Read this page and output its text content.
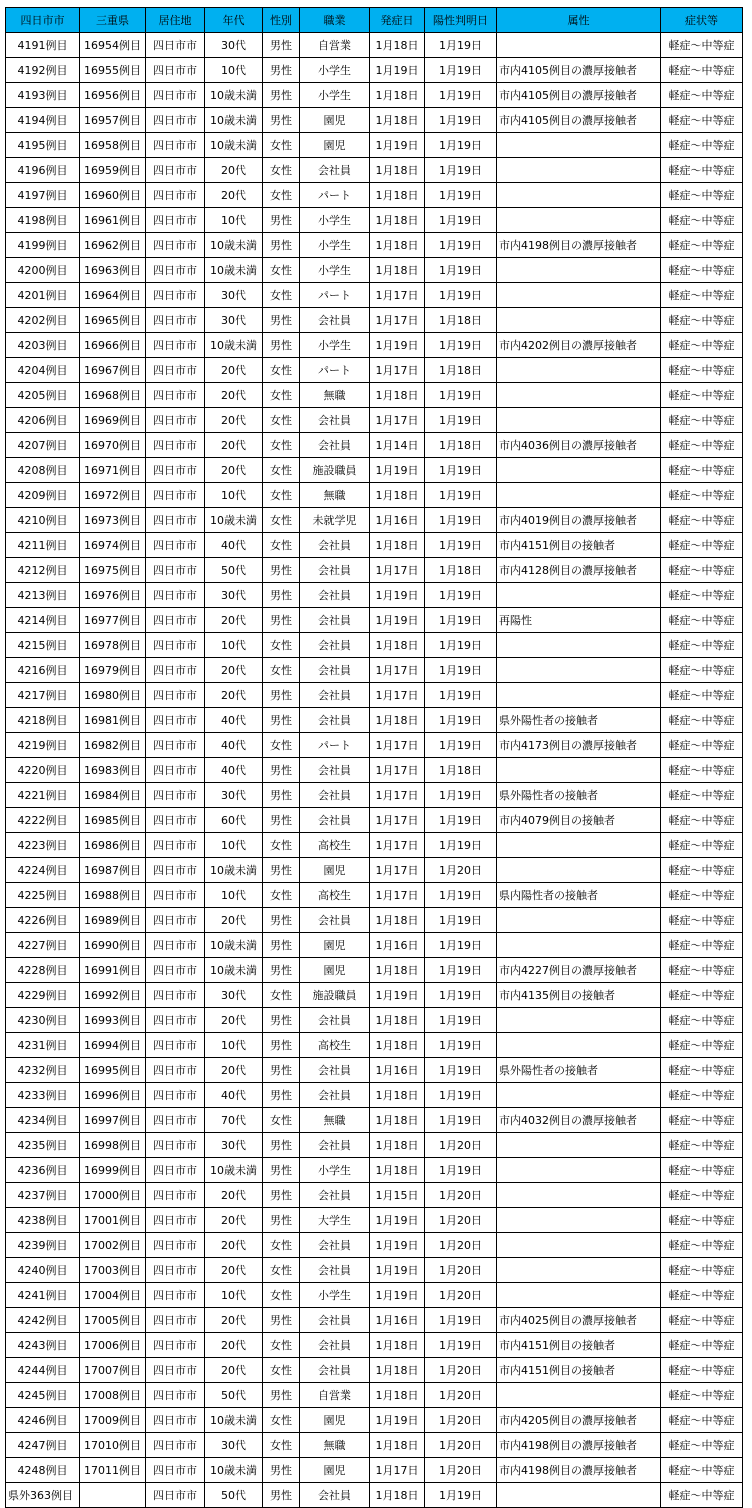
四日市市	三重県	居住地	年代	性別	職業	発症日	陽性判明日	属性	症状等
4191例目	16954例目	四日市市	30代	男性	自営業	1月18日	1月19日		軽症～中等症
4192例目	16955例目	四日市市	10代	男性	小学生	1月19日	1月19日	市内4105例目の濃厚接触者	軽症～中等症
4193例目	16956例目	四日市市	10歳未満	男性	小学生	1月18日	1月19日	市内4105例目の濃厚接触者	軽症～中等症
4194例目	16957例目	四日市市	10歳未満	男性	園児	1月18日	1月19日	市内4105例目の濃厚接触者	軽症～中等症
4195例目	16958例目	四日市市	10歳未満	女性	園児	1月19日	1月19日		軽症～中等症
4196例目	16959例目	四日市市	20代	女性	会社員	1月18日	1月19日		軽症～中等症
4197例目	16960例目	四日市市	20代	女性	パート	1月18日	1月19日		軽症～中等症
4198例目	16961例目	四日市市	10代	男性	小学生	1月18日	1月19日		軽症～中等症
4199例目	16962例目	四日市市	10歳未満	男性	小学生	1月18日	1月19日	市内4198例目の濃厚接触者	軽症～中等症
4200例目	16963例目	四日市市	10歳未満	女性	小学生	1月18日	1月19日		軽症～中等症
4201例目	16964例目	四日市市	30代	女性	パート	1月17日	1月19日		軽症～中等症
4202例目	16965例目	四日市市	30代	男性	会社員	1月17日	1月18日		軽症～中等症
4203例目	16966例目	四日市市	10歳未満	男性	小学生	1月19日	1月19日	市内4202例目の濃厚接触者	軽症～中等症
4204例目	16967例目	四日市市	20代	女性	パート	1月17日	1月18日		軽症～中等症
4205例目	16968例目	四日市市	20代	女性	無職	1月18日	1月19日		軽症～中等症
4206例目	16969例目	四日市市	20代	女性	会社員	1月17日	1月19日		軽症～中等症
4207例目	16970例目	四日市市	20代	女性	会社員	1月14日	1月18日	市内4036例目の濃厚接触者	軽症～中等症
4208例目	16971例目	四日市市	20代	女性	施設職員	1月19日	1月19日		軽症～中等症
4209例目	16972例目	四日市市	10代	女性	無職	1月18日	1月19日		軽症～中等症
4210例目	16973例目	四日市市	10歳未満	女性	未就学児	1月16日	1月19日	市内4019例目の濃厚接触者	軽症～中等症
4211例目	16974例目	四日市市	40代	女性	会社員	1月18日	1月19日	市内4151例目の接触者	軽症～中等症
4212例目	16975例目	四日市市	50代	男性	会社員	1月17日	1月18日	市内4128例目の濃厚接触者	軽症～中等症
4213例目	16976例目	四日市市	30代	男性	会社員	1月19日	1月19日		軽症～中等症
4214例目	16977例目	四日市市	20代	男性	会社員	1月19日	1月19日	再陽性	軽症～中等症
4215例目	16978例目	四日市市	10代	女性	会社員	1月18日	1月19日		軽症～中等症
4216例目	16979例目	四日市市	20代	女性	会社員	1月17日	1月19日		軽症～中等症
4217例目	16980例目	四日市市	20代	男性	会社員	1月17日	1月19日		軽症～中等症
4218例目	16981例目	四日市市	40代	男性	会社員	1月18日	1月19日	県外陽性者の接触者	軽症～中等症
4219例目	16982例目	四日市市	40代	女性	パート	1月17日	1月19日	市内4173例目の濃厚接触者	軽症～中等症
4220例目	16983例目	四日市市	40代	男性	会社員	1月17日	1月18日		軽症～中等症
4221例目	16984例目	四日市市	30代	男性	会社員	1月17日	1月19日	県外陽性者の接触者	軽症～中等症
4222例目	16985例目	四日市市	60代	男性	会社員	1月17日	1月19日	市内4079例目の接触者	軽症～中等症
4223例目	16986例目	四日市市	10代	女性	高校生	1月17日	1月19日		軽症～中等症
4224例目	16987例目	四日市市	10歳未満	男性	園児	1月17日	1月20日		軽症～中等症
4225例目	16988例目	四日市市	10代	女性	高校生	1月17日	1月19日	県内陽性者の接触者	軽症～中等症
4226例目	16989例目	四日市市	20代	男性	会社員	1月18日	1月19日		軽症～中等症
4227例目	16990例目	四日市市	10歳未満	男性	園児	1月16日	1月19日		軽症～中等症
4228例目	16991例目	四日市市	10歳未満	男性	園児	1月18日	1月19日	市内4227例目の濃厚接触者	軽症～中等症
4229例目	16992例目	四日市市	30代	女性	施設職員	1月19日	1月19日	市内4135例目の接触者	軽症～中等症
4230例目	16993例目	四日市市	20代	男性	会社員	1月18日	1月19日		軽症～中等症
4231例目	16994例目	四日市市	10代	男性	高校生	1月18日	1月19日		軽症～中等症
4232例目	16995例目	四日市市	20代	男性	会社員	1月16日	1月19日	県外陽性者の接触者	軽症～中等症
4233例目	16996例目	四日市市	40代	男性	会社員	1月18日	1月19日		軽症～中等症
4234例目	16997例目	四日市市	70代	女性	無職	1月18日	1月19日	市内4032例目の濃厚接触者	軽症～中等症
4235例目	16998例目	四日市市	30代	男性	会社員	1月18日	1月20日		軽症～中等症
4236例目	16999例目	四日市市	10歳未満	男性	小学生	1月18日	1月19日		軽症～中等症
4237例目	17000例目	四日市市	20代	男性	会社員	1月15日	1月20日		軽症～中等症
4238例目	17001例目	四日市市	20代	男性	大学生	1月19日	1月20日		軽症～中等症
4239例目	17002例目	四日市市	20代	女性	会社員	1月19日	1月20日		軽症～中等症
4240例目	17003例目	四日市市	20代	女性	会社員	1月19日	1月20日		軽症～中等症
4241例目	17004例目	四日市市	10代	女性	小学生	1月19日	1月20日		軽症～中等症
4242例目	17005例目	四日市市	20代	男性	会社員	1月16日	1月19日	市内4025例目の濃厚接触者	軽症～中等症
4243例目	17006例目	四日市市	20代	女性	会社員	1月18日	1月19日	市内4151例目の接触者	軽症～中等症
4244例目	17007例目	四日市市	20代	女性	会社員	1月18日	1月20日	市内4151例目の接触者	軽症～中等症
4245例目	17008例目	四日市市	50代	男性	自営業	1月18日	1月20日		軽症～中等症
4246例目	17009例目	四日市市	10歳未満	女性	園児	1月19日	1月20日	市内4205例目の濃厚接触者	軽症～中等症
4247例目	17010例目	四日市市	30代	女性	無職	1月18日	1月20日	市内4198例目の濃厚接触者	軽症～中等症
4248例目	17011例目	四日市市	10歳未満	男性	園児	1月17日	1月20日	市内4198例目の濃厚接触者	軽症～中等症
県外363例目		四日市市	50代	男性	会社員	1月18日	1月19日		軽症～中等症
